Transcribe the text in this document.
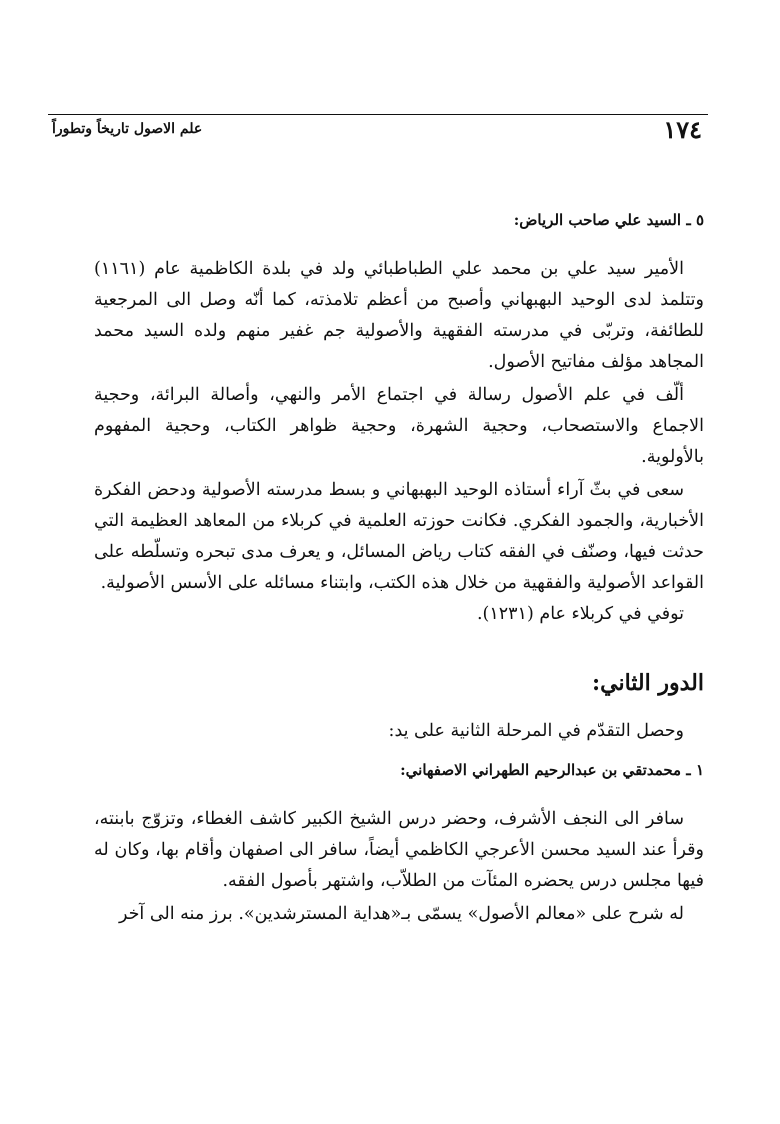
١٧٤
علم الاصول تاريخاً وتطوراً

٥ ـ السيد علي صاحب الرياض:

الأمير سيد علي بن محمد علي الطباطبائي ولد في بلدة الكاظمية عام (١١٦١) وتتلمذ لدى الوحيد البهبهاني وأصبح من أعظم تلامذته، كما أنّه وصل الى المرجعية للطائفة، وتربّى في مدرسته الفقهية والأصولية جم غفير منهم ولده السيد محمد المجاهد مؤلف مفاتيح الأصول.

ألّف في علم الأصول رسالة في اجتماع الأمر والنهي، وأصالة البرائة، وحجية الاجماع والاستصحاب، وحجية الشهرة، وحجية ظواهر الكتاب، وحجية المفهوم بالأولوية.

سعى في بثّ آراء أستاذه الوحيد البهبهاني و بسط مدرسته الأصولية ودحض الفكرة الأخبارية، والجمود الفكري. فكانت حوزته العلمية في كربلاء من المعاهد العظيمة التي حدثت فيها، وصنّف في الفقه كتاب رياض المسائل، و يعرف مدى تبحره وتسلّطه على القواعد الأصولية والفقهية من خلال هذه الكتب، وابتناء مسائله على الأسس الأصولية.

توفي في كربلاء عام (١٢٣١).

الدور الثاني:

وحصل التقدّم في المرحلة الثانية على يد:

١ ـ محمدتقي بن عبدالرحيم الطهراني الاصفهاني:

سافر الى النجف الأشرف، وحضر درس الشيخ الكبير كاشف الغطاء، وتزوّج بابنته، وقرأ عند السيد محسن الأعرجي الكاظمي أيضاً، سافر الى اصفهان وأقام بها، وكان له فيها مجلس درس يحضره المئآت من الطلاّب، واشتهر بأصول الفقه.

له شرح على «معالم الأصول» يسمّى بـ«هداية المسترشدين». برز منه الى آخر
